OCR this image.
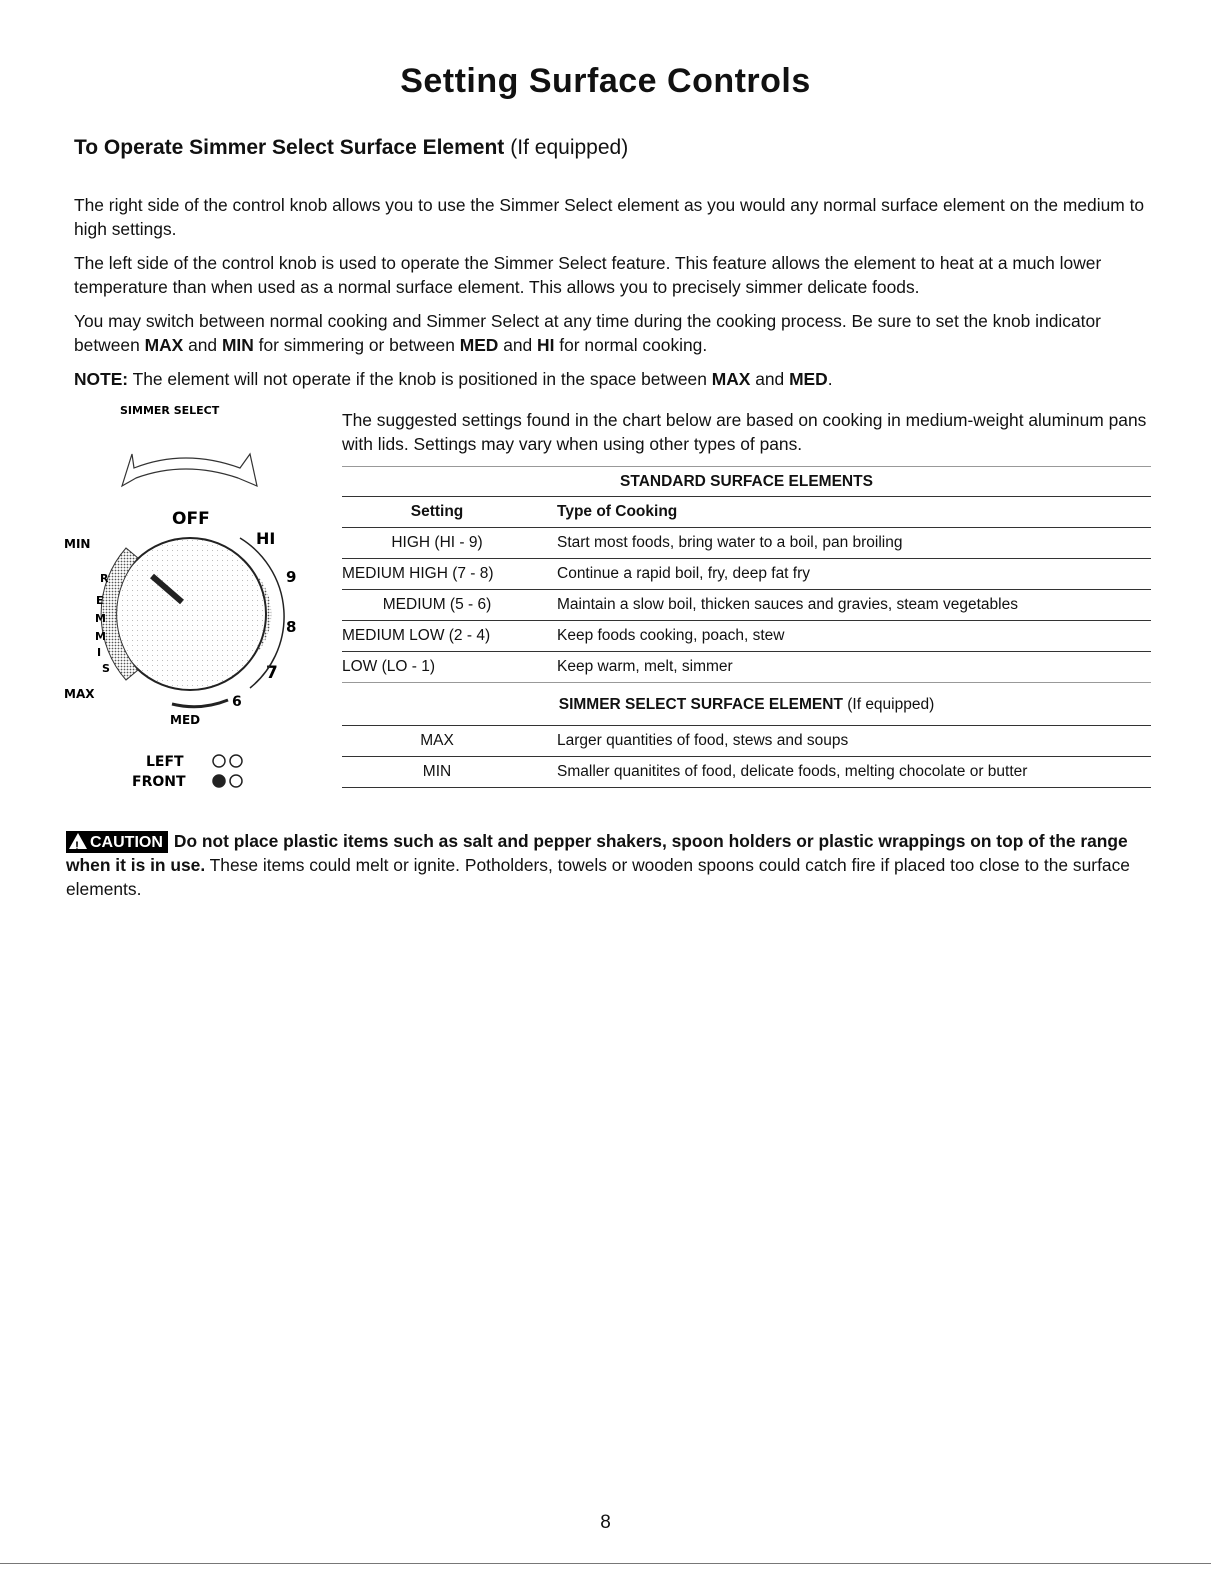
Setting Surface Controls
To Operate Simmer Select Surface Element (If equipped)
The right side of the control knob allows you to use the Simmer Select element as you would any normal surface element on the medium to high settings.
The left side of the control knob is used to operate the Simmer Select feature. This feature allows the element to heat at a much lower temperature than when used as a normal surface element. This allows you to precisely simmer delicate foods.
You may switch between normal cooking and Simmer Select at any time during the cooking process. Be sure to set the knob indicator between MAX and MIN for simmering or between MED and HI for normal cooking.
NOTE: The element will not operate if the knob is positioned in the space between MAX and MED.
SIMMER SELECT
OFF
HI
MIN
MAX
MED
9
8
7
6
R
E
M
M
I
S
LEFT
FRONT
The suggested settings found in the chart below are based on cooking in medium-weight aluminum pans with lids. Settings may vary when using other types of pans.
STANDARD SURFACE ELEMENTS
Setting	Type of Cooking
HIGH (HI - 9)	Start most foods, bring water to a boil, pan broiling
MEDIUM HIGH (7 - 8)	Continue a rapid boil, fry, deep fat fry
MEDIUM (5 - 6)	Maintain a slow boil, thicken sauces and gravies, steam vegetables
MEDIUM LOW (2 - 4)	Keep foods cooking, poach, stew
LOW (LO - 1)	Keep warm, melt, simmer
SIMMER SELECT SURFACE ELEMENT (If equipped)
MAX	Larger quantities of food, stews and soups
MIN	Smaller quanitites of food, delicate foods, melting chocolate or butter
! CAUTION Do not place plastic items such as salt and pepper shakers, spoon holders or plastic wrappings on top of the range when it is in use. These items could melt or ignite. Potholders, towels or wooden spoons could catch fire if placed too close to the surface elements.
8
